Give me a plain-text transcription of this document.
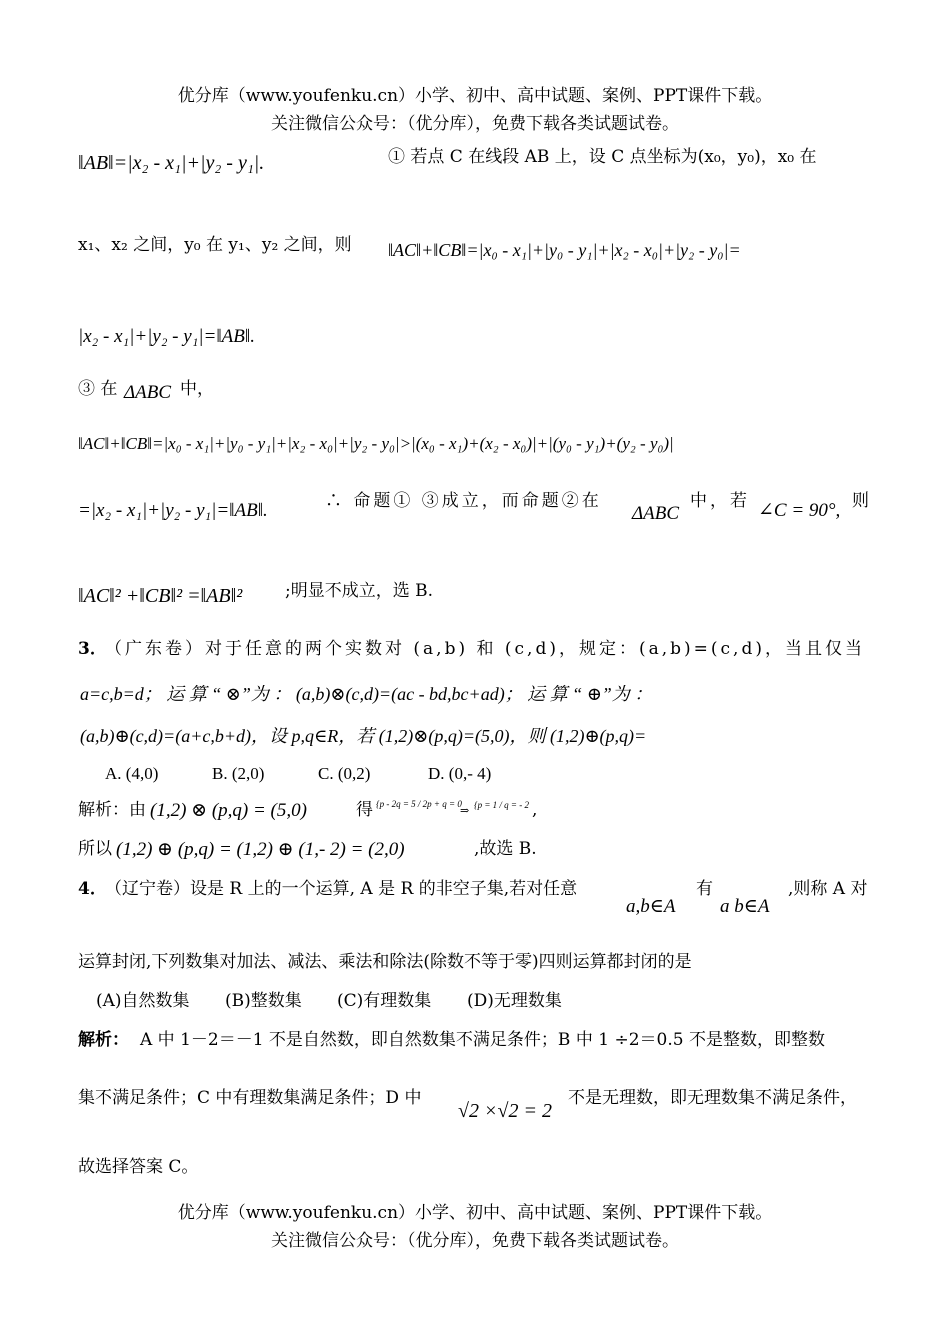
优分库（www.youfenku.cn）小学、初中、高中试题、案例、PPT课件下载。
关注微信公众号：（优分库），免费下载各类试题试卷。
‖AB‖=|x₂ - x₁|+|y₂ - y₁|.	① 若点 C 在线段 AB 上，设 C 点坐标为(x₀，y₀)，x₀ 在
x₁、x₂ 之间，y₀ 在 y₁、y₂ 之间，则 ‖AC‖+‖CB‖=|x₀ - x₁|+|y₀ - y₁|+|x₂ - x₀|+|y₂ - y₀|=
|x₂ - x₁|+|y₂ - y₁|=‖AB‖.
③ 在 ΔABC 中，
‖AC‖+‖CB‖=|x₀ - x₁|+|y₀ - y₁|+|x₂ - x₀|+|y₂ - y₀|>|(x₀ - x₁)+(x₂ - x₀)|+|(y₀ - y₁)+(y₂ - y₀)|
=|x₂ - x₁|+|y₂ - y₁|=‖AB‖.	∴ 命题① ③成立，而命题②在
ΔABC
中，若 ∠C = 90°, 则
‖AC‖² +‖CB‖² =‖AB‖²	;明显不成立，选 B.
3．
（广东卷）对于任意的两个实数对 (a,b) 和 (c,d)，规定：(a,b)=(c,d)，当且仅当
a=c,b=d； 运 算 “ ⊗”为 ： (a,b)⊗(c,d)=(ac - bd,bc+ad)； 运 算 “ ⊕”为 ：
(a,b)⊕(c,d)=(a+c,b+d)，设 p,q∈R，若 (1,2)⊗(p,q)=(5,0)，则 (1,2)⊕(p,q)=
A. (4,0)	B. (2,0)	C. (0,2)	D. (0,- 4)
解析：由 (1,2) ⊗ (p,q) = (5,0)	得 {p - 2q = 5 / 2p + q = 0
⇒ {p = 1 / q = - 2 ,
所以 (1,2) ⊕ (p,q) = (1,2) ⊕ (1,- 2) = (2,0)	,故选 B.
4．
（辽宁卷）设是 R 上的一个运算, A 是 R 的非空子集,若对任意
a,b∈A
有
a b∈A
,则称 A 对
运算封闭,下列数集对加法、减法、乘法和除法(除数不等于零)四则运算都封闭的是
(A)自然数集 (B)整数集 (C)有理数集 (D)无理数集
解析： A 中 1－2＝－1 不是自然数，即自然数集不满足条件；B 中 1 ÷2＝0.5 不是整数，即整数
集不满足条件；C 中有理数集满足条件；D 中
√2 ×√2 = 2
不是无理数，即无理数集不满足条件，
故选择答案 C。
优分库（www.youfenku.cn）小学、初中、高中试题、案例、PPT课件下载。
关注微信公众号：（优分库），免费下载各类试题试卷。
